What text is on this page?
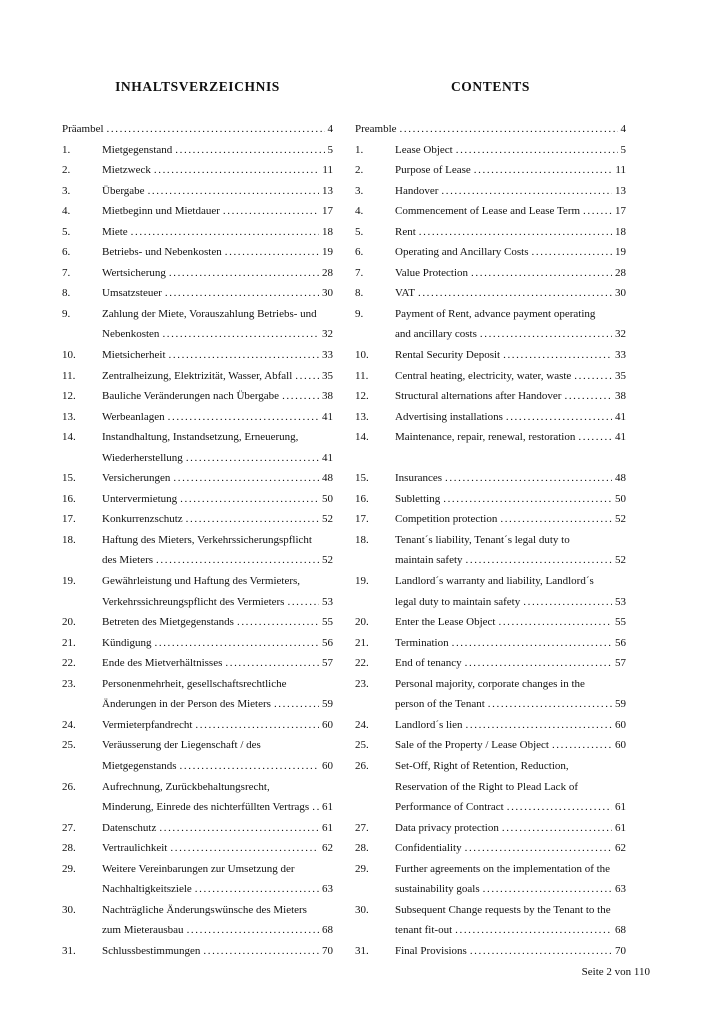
INHALTSVERZEICHNIS	CONTENTS
Präambel .....	4
1.	Mietgegenstand .....	5
2.	Mietzweck .....	11
3.	Übergabe .....	13
4.	Mietbeginn und Mietdauer .....	17
5.	Miete .....	18
6.	Betriebs- und Nebenkosten .....	19
7.	Wertsicherung .....	28
8.	Umsatzsteuer .....	30
9.	Zahlung der Miete, Vorauszahlung Betriebs- und
Nebenkosten .....	32
10.	Mietsicherheit .....	33
11.	Zentralheizung, Elektrizität, Wasser, Abfall .....	35
12.	Bauliche Veränderungen nach Übergabe .....	38
13.	Werbeanlagen .....	41
14.	Instandhaltung, Instandsetzung, Erneuerung,
Wiederherstellung .....	41
15.	Versicherungen .....	48
16.	Untervermietung .....	50
17.	Konkurrenzschutz .....	52
18.	Haftung des Mieters, Verkehrssicherungspflicht
des Mieters .....	52
19.	Gewährleistung und Haftung des Vermieters,
Verkehrssichreungspflicht des Vermieters .....	53
20.	Betreten des Mietgegenstands .....	55
21.	Kündigung .....	56
22.	Ende des Mietverhältnisses .....	57
23.	Personenmehrheit, gesellschaftsrechtliche
Änderungen in der Person des Mieters .....	59
24.	Vermieterpfandrecht .....	60
25.	Veräusserung der Liegenschaft / des
Mietgegenstands .....	60
26.	Aufrechnung, Zurückbehaltungsrecht,
Minderung, Einrede des nichterfüllten Vertrags ..... 61
27.	Datenschutz .....	61
28.	Vertraulichkeit .....	62
29.	Weitere Vereinbarungen zur Umsetzung der
Nachhaltigkeitsziele .....	63
30.	Nachträgliche Änderungswünsche des Mieters
zum Mieterausbau .....	68
31.	Schlussbestimmungen .....	70
Preamble .....	4
1.	Lease Object .....	5
2.	Purpose of Lease .....	11
3.	Handover .....	13
4.	Commencement of Lease and Lease Term .....	17
5.	Rent .....	18
6.	Operating and Ancillary Costs .....	19
7.	Value Protection .....	28
8.	VAT .....	30
9.	Payment of Rent, advance payment operating
and ancillary costs .....	32
10.	Rental Security Deposit .....	33
11.	Central heating, electricity, water, waste .....	35
12.	Structural alternations after Handover .....	38
13.	Advertising installations .....	41
14.	Maintenance, repair, renewal, restoration .....	41
15.	Insurances .....	48
16.	Subletting .....	50
17.	Competition protection .....	52
18.	Tenant´s liability, Tenant´s legal duty to
maintain safety .....	52
19.	Landlord´s warranty and liability, Landlord´s
legal duty to maintain safety .....	53
20.	Enter the Lease Object .....	55
21.	Termination .....	56
22.	End of tenancy .....	57
23.	Personal majority, corporate changes in the
person of the Tenant .....	59
24.	Landlord´s lien .....	60
25.	Sale of the Property / Lease Object .....	60
26.	Set-Off, Right of Retention, Reduction,
Reservation of the Right to Plead Lack of
Performance of Contract .....	61
27.	Data privacy protection .....	61
28.	Confidentiality .....	62
29.	Further agreements on the implementation of the
sustainability goals .....	63
30.	Subsequent Change requests by the Tenant to the
tenant fit-out .....	68
31.	Final Provisions .....	70
Seite 2 von 110
